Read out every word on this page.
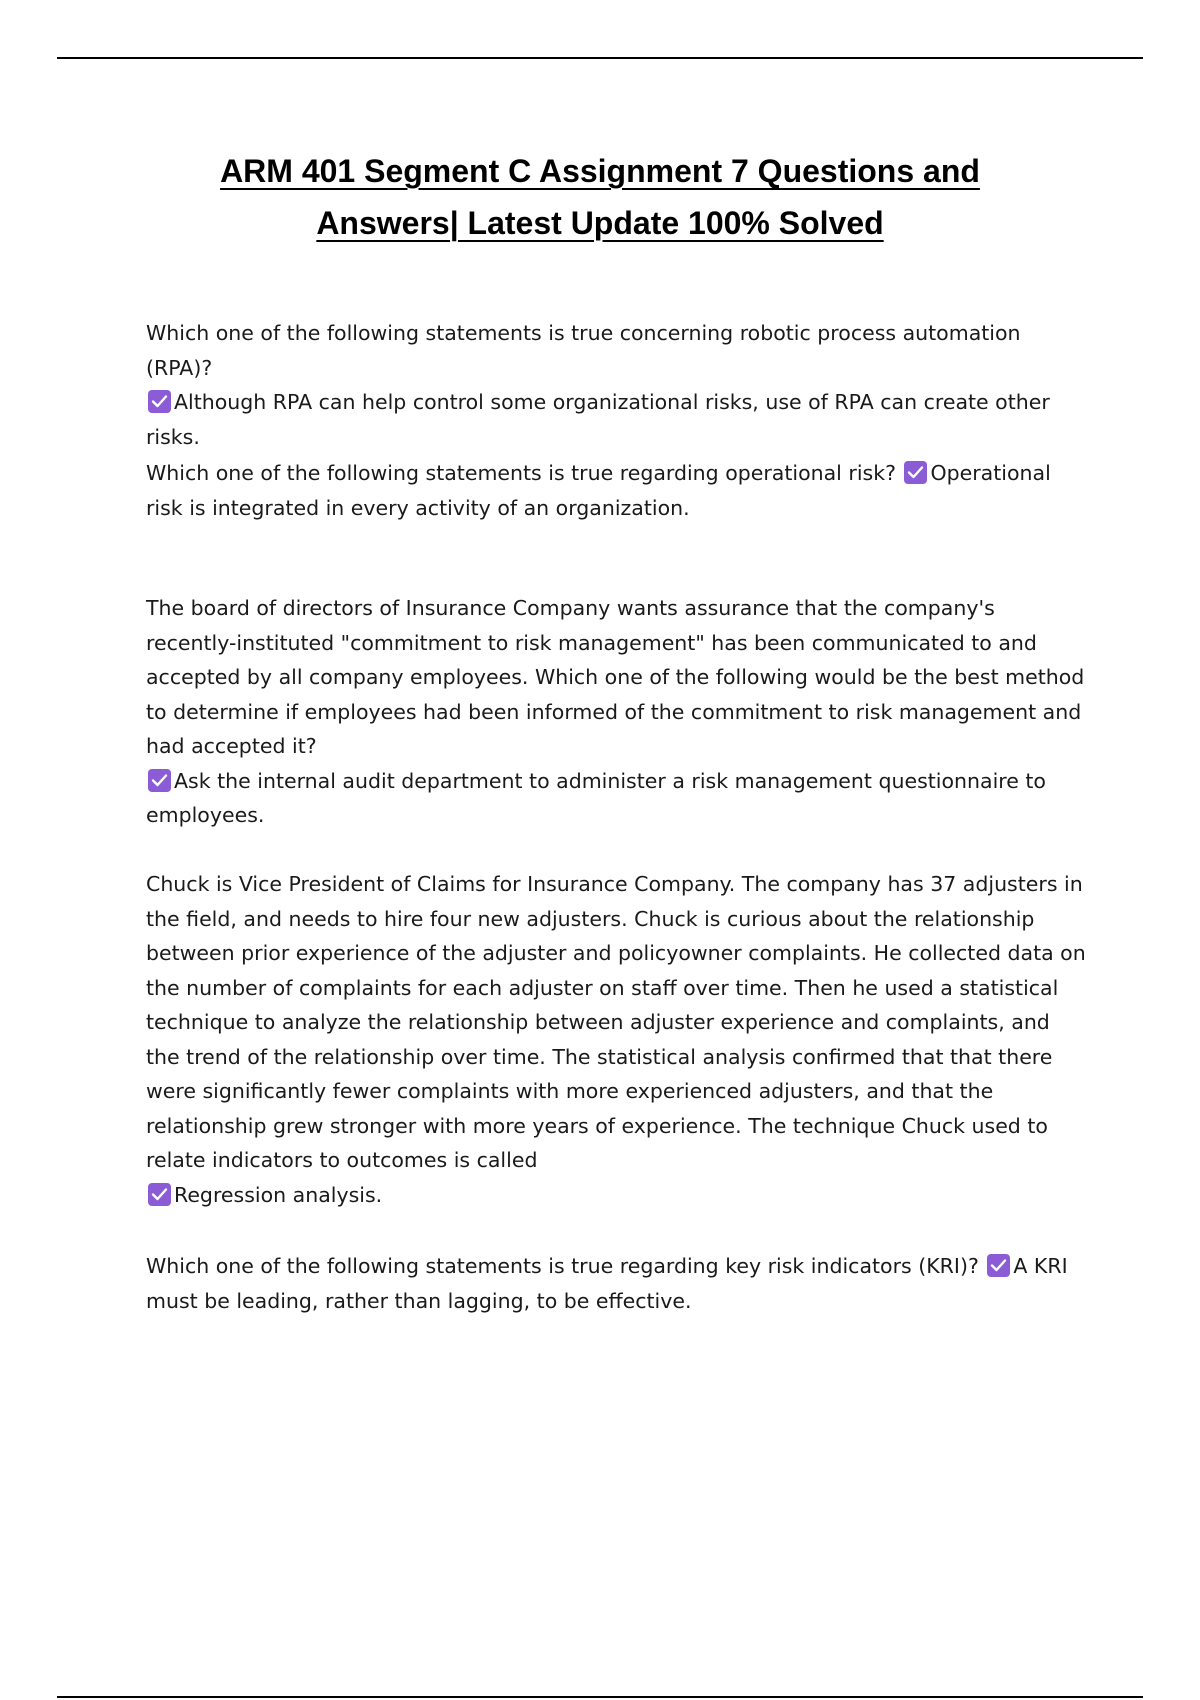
ARM 401 Segment C Assignment 7 Questions and
Answers| Latest Update 100% Solved

Which one of the following statements is true concerning robotic process automation (RPA)?

Although RPA can help control some organizational risks, use of RPA can create other risks.

Which one of the following statements is true regarding operational risk? Operational risk is integrated in every activity of an organization.

The board of directors of Insurance Company wants assurance that the company's recently-instituted "commitment to risk management" has been communicated to and accepted by all company employees. Which one of the following would be the best method to determine if employees had been informed of the commitment to risk management and had accepted it?

Ask the internal audit department to administer a risk management questionnaire to employees.

Chuck is Vice President of Claims for Insurance Company. The company has 37 adjusters in the field, and needs to hire four new adjusters. Chuck is curious about the relationship between prior experience of the adjuster and policyowner complaints. He collected data on the number of complaints for each adjuster on staff over time. Then he used a statistical technique to analyze the relationship between adjuster experience and complaints, and the trend of the relationship over time. The statistical analysis confirmed that that there were significantly fewer complaints with more experienced adjusters, and that the relationship grew stronger with more years of experience. The technique Chuck used to relate indicators to outcomes is called

Regression analysis.

Which one of the following statements is true regarding key risk indicators (KRI)? A KRI must be leading, rather than lagging, to be effective.
